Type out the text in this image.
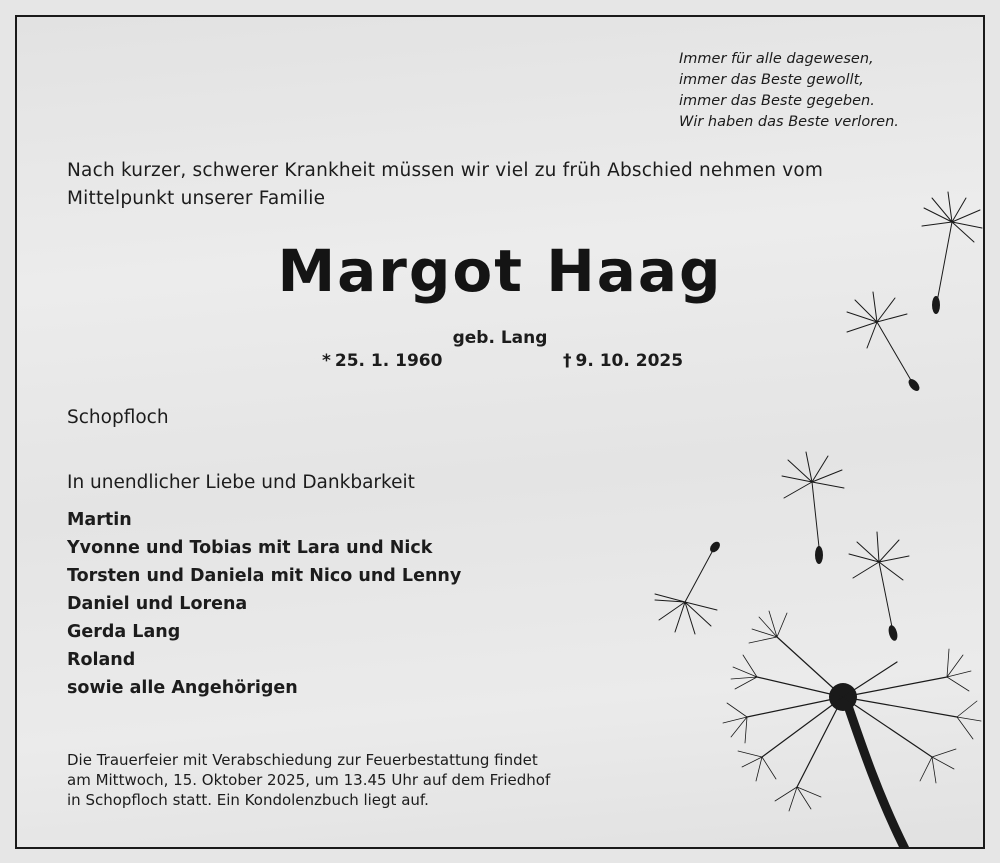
Immer für alle dagewesen,
immer das Beste gewollt,
immer das Beste gegeben.
Wir haben das Beste verloren.
Nach kurzer, schwerer Krankheit müssen wir viel zu früh Abschied nehmen vom
Mittelpunkt unserer Familie
Margot Haag
geb. Lang
* 25. 1. 1960	† 9. 10. 2025
Schopfloch
In unendlicher Liebe und Dankbarkeit
Martin
Yvonne und Tobias mit Lara und Nick
Torsten und Daniela mit Nico und Lenny
Daniel und Lorena
Gerda Lang
Roland
sowie alle Angehörigen
Die Trauerfeier mit Verabschiedung zur Feuerbestattung findet
am Mittwoch, 15. Oktober 2025, um 13.45 Uhr auf dem Friedhof
in Schopfloch statt. Ein Kondolenzbuch liegt auf.
